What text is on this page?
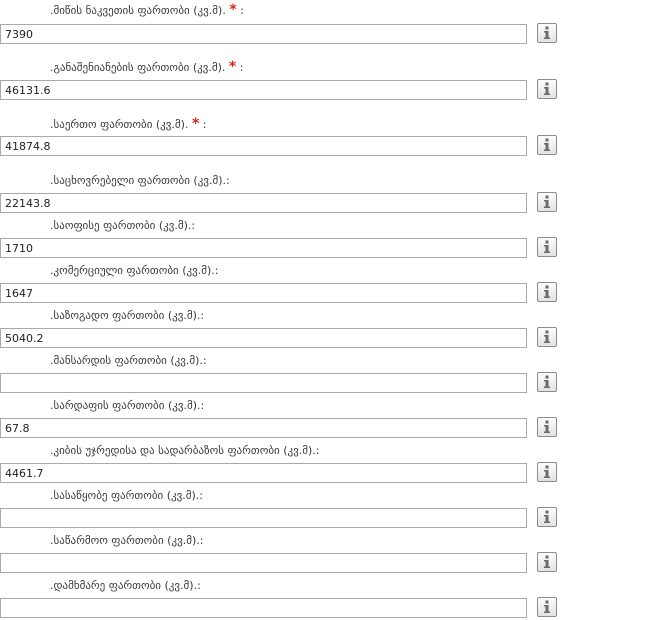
.მიწის ნაკვეთის ფართობი (კვ.მ). * :
7390
.განაშენიანების ფართობი (კვ.მ). * :
46131.6
.საერთო ფართობი (კვ.მ). * :
41874.8
.საცხოვრებელი ფართობი (კვ.მ).:
22143.8
.საოფისე ფართობი (კვ.მ).:
1710
.კომერციული ფართობი (კვ.მ).:
1647
.საზოგადო ფართობი (კვ.მ).:
5040.2
.მანსარდის ფართობი (კვ.მ).:
.სარდაფის ფართობი (კვ.მ).:
67.8
.კიბის უჯრედისა და სადარბაზოს ფართობი (კვ.მ).:
4461.7
.სასაწყობე ფართობი (კვ.მ).:
.საწარმოო ფართობი (კვ.მ).:
.დამხმარე ფართობი (კვ.მ).:
